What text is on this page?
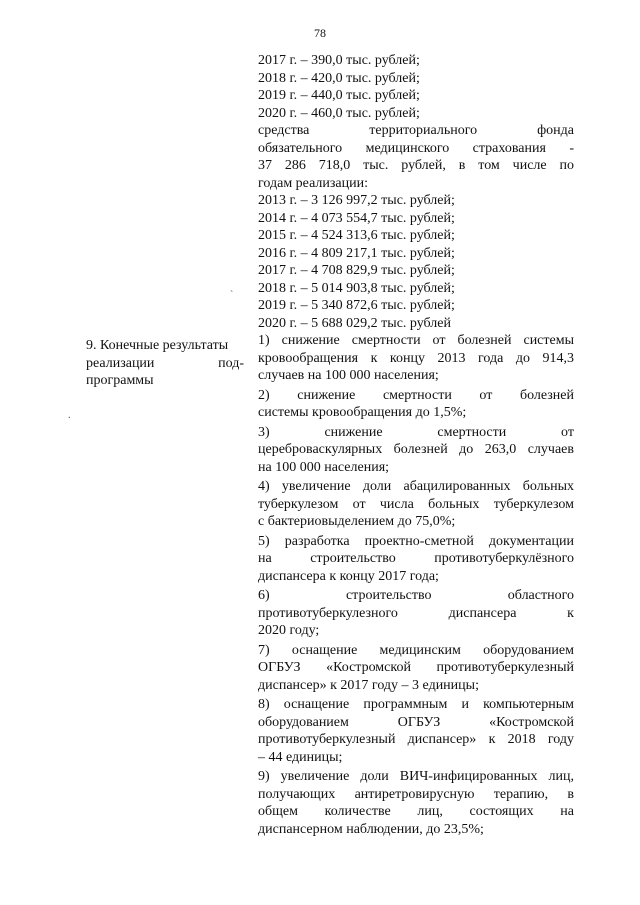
78
`
.
9. Конечные результаты
реализации под-
программы
2017 г. – 390,0 тыс. рублей;
2018 г. – 420,0 тыс. рублей;
2019 г. – 440,0 тыс. рублей;
2020 г. – 460,0 тыс. рублей;
средства территориального фонда
обязательного медицинского страхования -
37 286 718,0 тыс. рублей, в том числе по
годам реализации:
2013 г. – 3 126 997,2 тыс. рублей;
2014 г. – 4 073 554,7 тыс. рублей;
2015 г. – 4 524 313,6 тыс. рублей;
2016 г. – 4 809 217,1 тыс. рублей;
2017 г. – 4 708 829,9 тыс. рублей;
2018 г. – 5 014 903,8 тыс. рублей;
2019 г. – 5 340 872,6 тыс. рублей;
2020 г. – 5 688 029,2 тыс. рублей
1) снижение смертности от болезней системы
кровообращения к концу 2013 года до 914,3
случаев на 100 000 населения;
2) снижение смертности от болезней
системы кровообращения до 1,5%;
3) снижение смертности от
цереброваскулярных болезней до 263,0 случаев
на 100 000 населения;
4) увеличение доли абацилированных больных
туберкулезом от числа больных туберкулезом
с бактериовыделением до 75,0%;
5) разработка проектно-сметной документации
на строительство противотуберкулёзного
диспансера к концу 2017 года;
6) строительство областного
противотуберкулезного диспансера к
2020 году;
7) оснащение медицинским оборудованием
ОГБУЗ «Костромской противотуберкулезный
диспансер» к 2017 году – 3 единицы;
8) оснащение программным и компьютерным
оборудованием ОГБУЗ «Костромской
противотуберкулезный диспансер» к 2018 году
– 44 единицы;
9) увеличение доли ВИЧ-инфицированных лиц,
получающих антиретровирусную терапию, в
общем количестве лиц, состоящих на
диспансерном наблюдении, до 23,5%;
